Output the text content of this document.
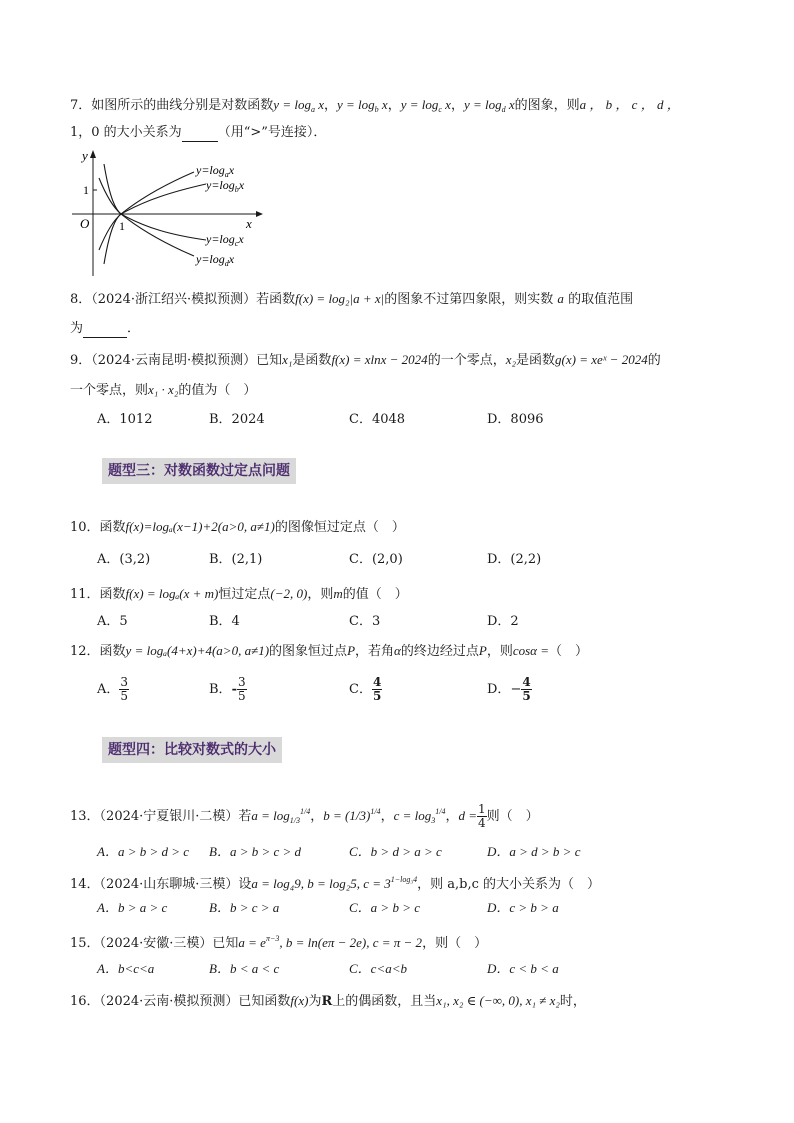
7．如图所示的曲线分别是对数函数$y = \log_a x$，$y = \log_b x$，$y = \log_c x$，$y = \log_d x$的图象，则a ， b ， c ， d ，
1，0 的大小关系为	（用“>”号连接）．
y
x
O 1
1
$y=\log_ax$
$y=\log_bx$
$y=\log_cx$
$y=\log_dx$
8．（2024·浙江绍兴·模拟预测）若函数f(x) = log₂|a + x|的图象不过第四象限，则实数 a 的取值范围
为	．
9．（2024·云南昆明·模拟预测）已知x₁是函数f(x) = xlnx − 2024的一个零点，x₂是函数g(x) = xeˣ − 2024的
一个零点，则x₁ · x₂的值为（　）
A．1012	B．2024	C．4048	D．8096
题型三：对数函数过定点问题
10．函数f(x)=logₐ(x−1)+2(a>0, a≠1)的图像恒过定点（　）
A．(3,2)	B．(2,1)	C．(2,0)	D．(2,2)
11．函数f(x) = logₐ(x + m)恒过定点(−2, 0)，则m的值（　）
A．5	B．4	C．3	D．2
12．函数y = logₐ(4+x)+4(a>0, a≠1)的图象恒过点P，若角α的终边经过点P，则cosα =（　）
A． $\frac{3}{5}$	B．- $\frac{3}{5}$	C． $\frac{4}{5}$	D．− $\frac{4}{5}$
题型四：比较对数式的大小
13．（2024·宁夏银川·二模）若$a = \log_{1/3}^{1/4}$，$b = (1/3)^{1/4}$，$c = \log_3^{1/4}$，$d = \frac{1}{4}$ 则（　）
A．a > b > d > c B．a > b > c > d	C．b > d > a > c	D．a > d > b > c
14．（2024·山东聊城·三模）设a = log₄9, b = log₂5, $c = 3^{1-log_34}$，则 a,b,c 的大小关系为（　）
A．b > a > c	B．b > c > a	C．a > b > c	D．c > b > a
15．（2024·安徽·三模）已知$a = e^{\pi-3}$, b = ln(eπ − 2e), c = π − 2，则（　）
A．b<c<a	B．b < a < c	C．c<a<b	D．c < b < a
16．（2024·云南·模拟预测）已知函数f(x)为R上的偶函数，且当x₁, x₂ ∈ (−∞, 0), x₁ ≠ x₂时，
